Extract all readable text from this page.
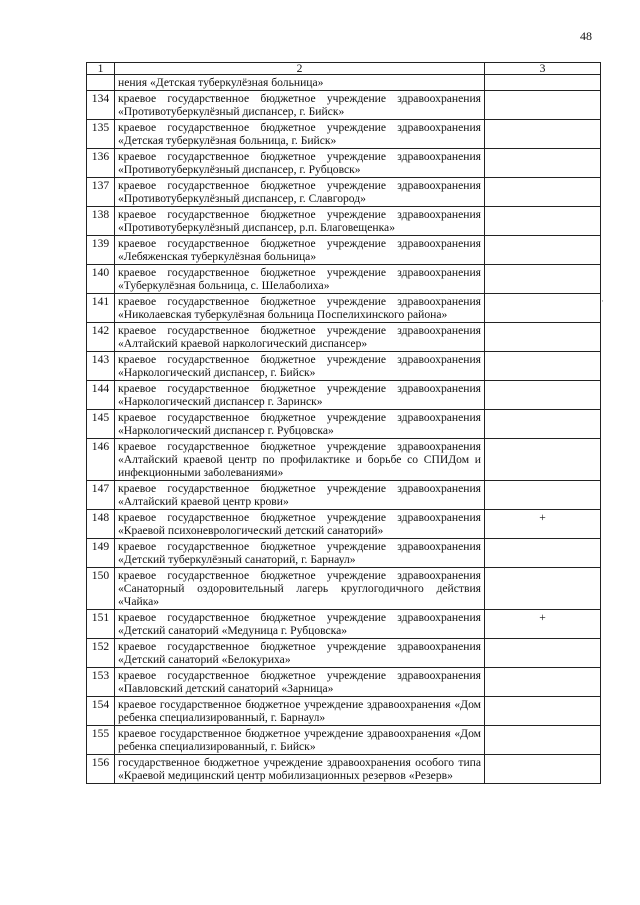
48
1	2	3
	нения «Детская туберкулёзная больница»	
134	краевое государственное бюджетное учреждение здравоохранения «Противотуберкулёзный диспансер, г. Бийск»	
135	краевое государственное бюджетное учреждение здравоохранения «Детская туберкулёзная больница, г. Бийск»	
136	краевое государственное бюджетное учреждение здравоохранения «Противотуберкулёзный диспансер, г. Рубцовск»	
137	краевое государственное бюджетное учреждение здравоохранения «Противотуберкулёзный диспансер, г. Славгород»	
138	краевое государственное бюджетное учреждение здравоохранения «Противотуберкулёзный диспансер, р.п. Благовещенка»	
139	краевое государственное бюджетное учреждение здравоохранения «Лебяженская туберкулёзная больница»	
140	краевое государственное бюджетное учреждение здравоохранения «Туберкулёзная больница, с. Шелаболиха»	
141	краевое государственное бюджетное учреждение здравоохранения «Николаевская туберкулёзная больница Поспелихинского района»	
142	краевое государственное бюджетное учреждение здравоохранения «Алтайский краевой наркологический диспансер»	
143	краевое государственное бюджетное учреждение здравоохранения «Наркологический диспансер, г. Бийск»	
144	краевое государственное бюджетное учреждение здравоохранения «Наркологический диспансер г. Заринск»	
145	краевое государственное бюджетное учреждение здравоохранения «Наркологический диспансер г. Рубцовска»	
146	краевое государственное бюджетное учреждение здравоохранения «Алтайский краевой центр по профилактике и борьбе со СПИДом и инфекционными заболеваниями»	
147	краевое государственное бюджетное учреждение здравоохранения «Алтайский краевой центр крови»	
148	краевое государственное бюджетное учреждение здравоохранения «Краевой психоневрологический детский санаторий»	+
149	краевое государственное бюджетное учреждение здравоохранения «Детский туберкулёзный санаторий, г. Барнаул»	
150	краевое государственное бюджетное учреждение здравоохранения «Санаторный оздоровительный лагерь круглогодичного действия «Чайка»	
151	краевое государственное бюджетное учреждение здравоохранения «Детский санаторий «Медуница г. Рубцовска»	+
152	краевое государственное бюджетное учреждение здравоохранения «Детский санаторий «Белокуриха»	
153	краевое государственное бюджетное учреждение здравоохранения «Павловский детский санаторий «Зарница»	
154	краевое государственное бюджетное учреждение здравоохранения «Дом ребенка специализированный, г. Барнаул»	
155	краевое государственное бюджетное учреждение здравоохранения «Дом ребенка специализированный, г. Бийск»	
156	государственное бюджетное учреждение здравоохранения особого типа «Краевой медицинский центр мобилизационных резервов «Резерв»	
·
